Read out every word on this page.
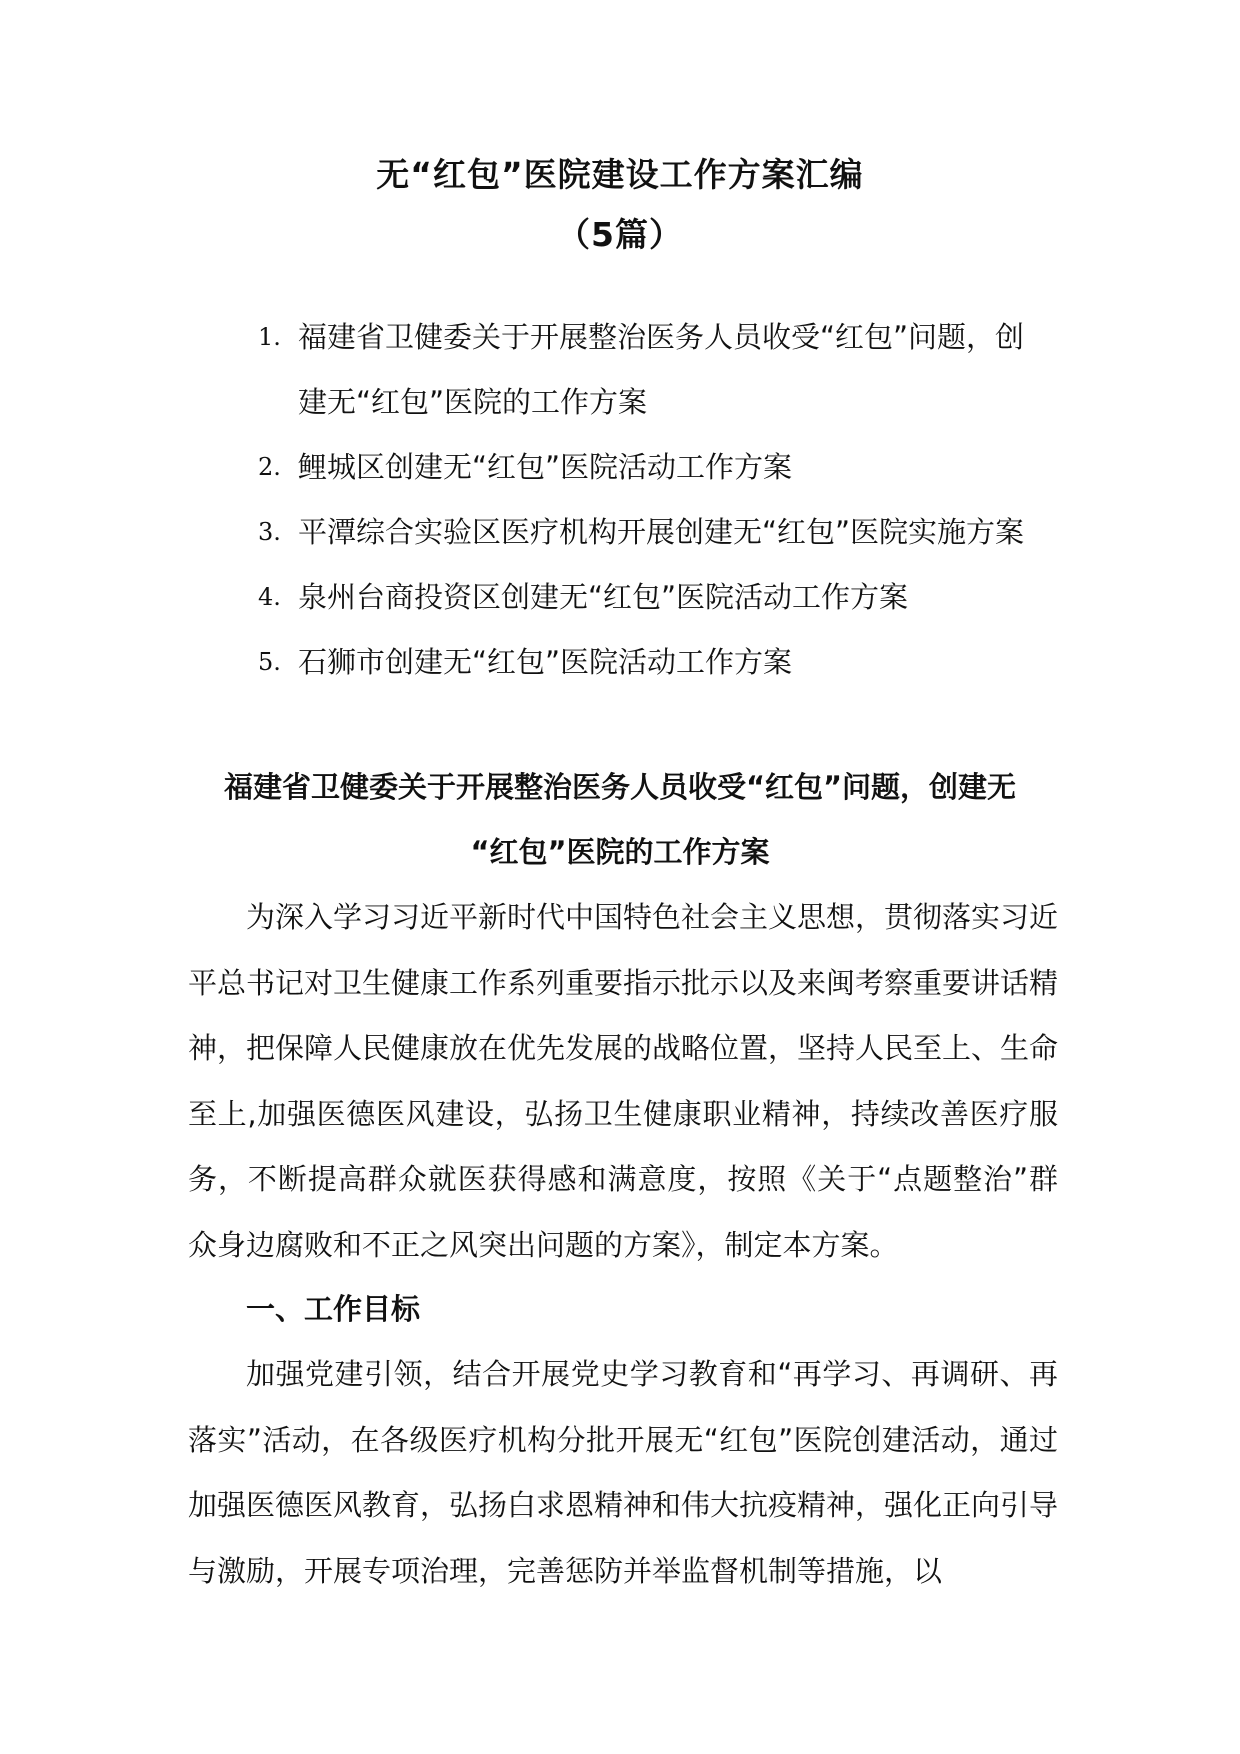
无“红包”医院建设工作方案汇编
（5篇）
1. 福建省卫健委关于开展整治医务人员收受“红包”问题，创建无“红包”医院的工作方案
2. 鲤城区创建无“红包”医院活动工作方案
3. 平潭综合实验区医疗机构开展创建无“红包”医院实施方案
4. 泉州台商投资区创建无“红包”医院活动工作方案
5. 石狮市创建无“红包”医院活动工作方案
福建省卫健委关于开展整治医务人员收受“红包”问题，创建无
“红包”医院的工作方案

为深入学习习近平新时代中国特色社会主义思想，贯彻落实习近平总书记对卫生健康工作系列重要指示批示以及来闽考察重要讲话精神，把保障人民健康放在优先发展的战略位置，坚持人民至上、生命至上,加强医德医风建设，弘扬卫生健康职业精神，持续改善医疗服务，不断提高群众就医获得感和满意度，按照《关于“点题整治”群众身边腐败和不正之风突出问题的方案》，制定本方案。

一、工作目标

加强党建引领，结合开展党史学习教育和“再学习、再调研、再落实”活动，在各级医疗机构分批开展无“红包”医院创建活动，通过加强医德医风教育，弘扬白求恩精神和伟大抗疫精神，强化正向引导与激励，开展专项治理，完善惩防并举监督机制等措施，以
